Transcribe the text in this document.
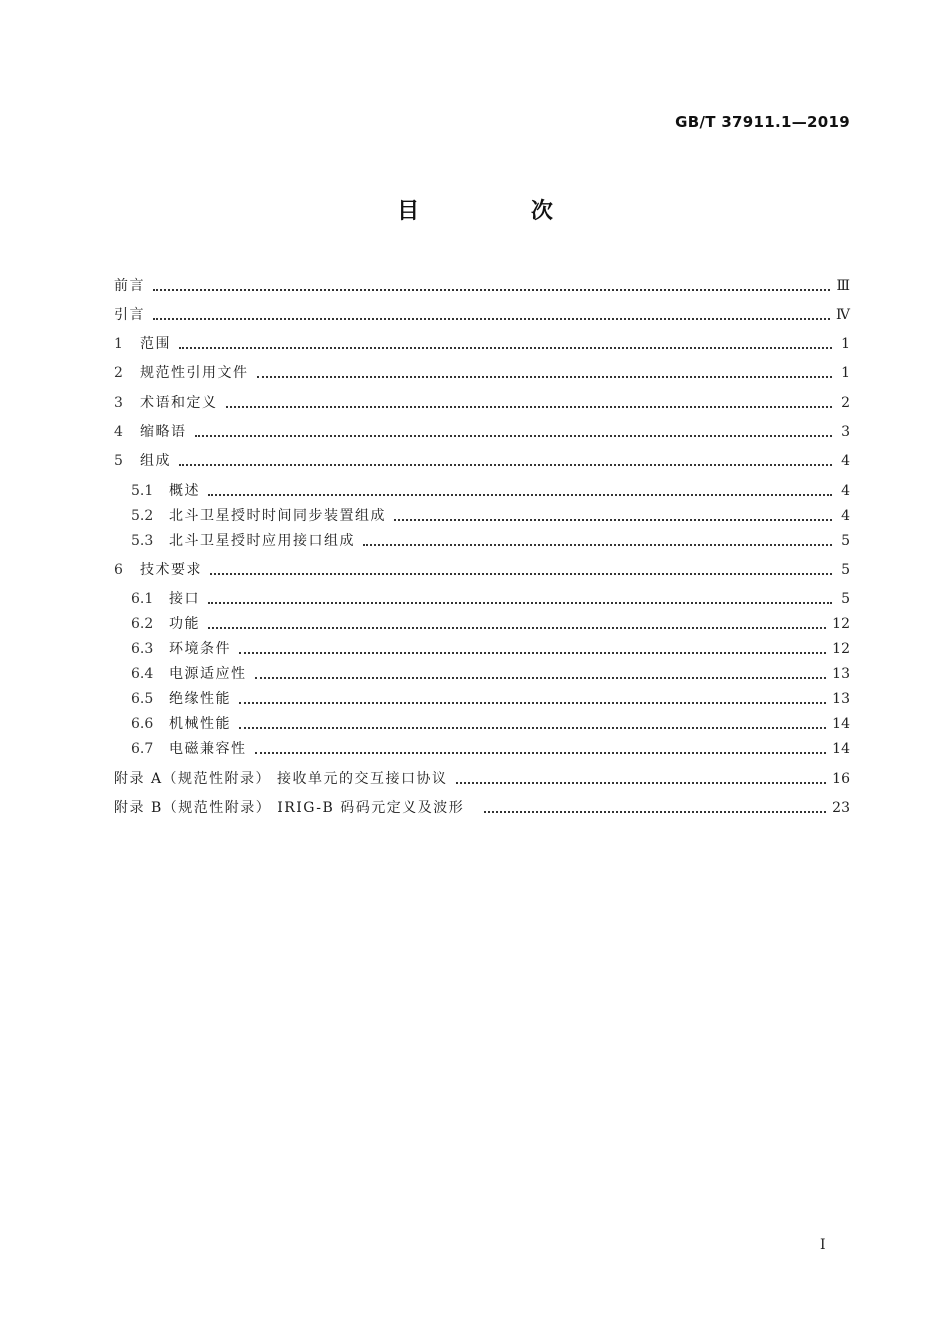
GB/T 37911.1—2019
目 次
前言	Ⅲ
引言	Ⅳ
1	范围	1
2	规范性引用文件	1
3	术语和定义	2
4	缩略语	3
5	组成	4
5.1	概述	4
5.2	北斗卫星授时时间同步装置组成	4
5.3	北斗卫星授时应用接口组成	5
6	技术要求	5
6.1	接口	5
6.2	功能	12
6.3	环境条件	12
6.4	电源适应性	13
6.5	绝缘性能	13
6.6	机械性能	14
6.7	电磁兼容性	14
附录 A（规范性附录） 接收单元的交互接口协议	16
附录 B（规范性附录） IRIG-B 码码元定义及波形	23
I
